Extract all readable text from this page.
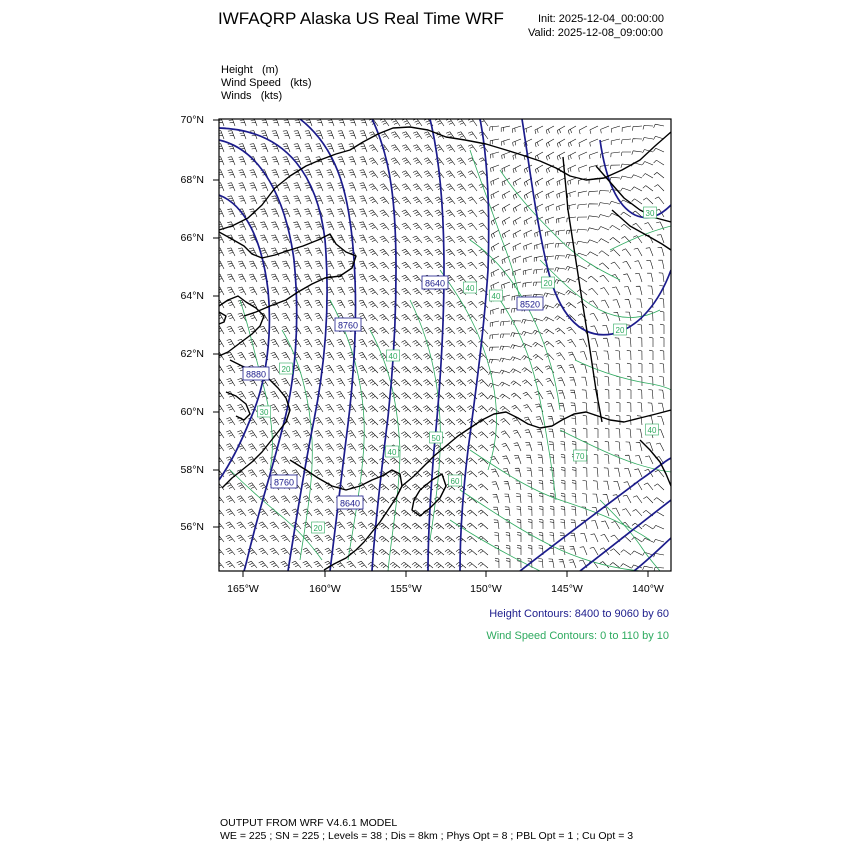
IWFAQRP Alaska US Real Time WRF	Init: 2025-12-04_00:00:00
Valid: 2025-12-08_09:00:00
Height (m)
Wind Speed (kts)
Winds (kts)
8640
8520
8760
8880
8760
8640
20
40
40
20
30
40
50
40
60
70
20
40
30
20
70°N
68°N
66°N
64°N
62°N
60°N
58°N
56°N
165°W	160°W	155°W	150°W	145°W	140°W
Height Contours: 8400 to 9060 by 60
Wind Speed Contours: 0 to 110 by 10
OUTPUT FROM WRF V4.6.1 MODEL
WE = 225 ; SN = 225 ; Levels = 38 ; Dis = 8km ; Phys Opt = 8 ; PBL Opt = 1 ; Cu Opt = 3
